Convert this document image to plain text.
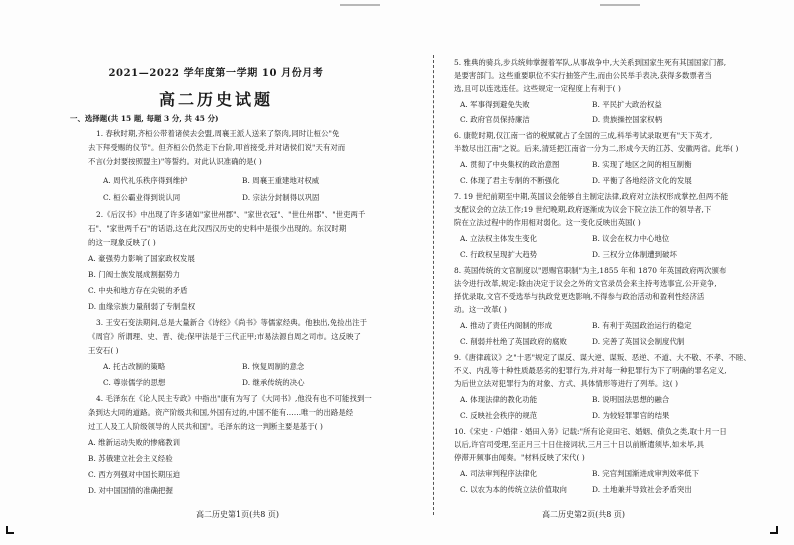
2021—2022 学年度第一学期 10 月份月考
高二历史试题
一、选择题(共 15 题, 每题 3 分, 共 45 分)
1. 春秋时期,齐桓公带着诸侯去会盟,周襄王派人送来了祭肉,同时让桓公"免
去下拜受赐的仪节"。但齐桓公仍然走下台阶,叩首接受,并对诸侯们说"天有对而
不言(分封要按照盟主)"等誓约。对此认识准确的是( )
A. 周代礼乐秩序得到维护	B. 周襄王重建地对权威
C. 桓公霸业得到说认同	D. 宗法分封制得以巩固
2.《后汉书》中出现了许多诸如"家世州郡"、"家世衣冠"、"世仕州郡"、"世吏两千
石"、"家世两千石"的话语,这在此汉西汉历史的史料中是很少出现的。东汉时期
的这一现象反映了( )
A. 豪强势力影响了国家政权发展
B. 门阀士族发展成割据势力
C. 中央和地方存在尖锐的矛盾
D. 血缘宗族力量削弱了专制皇权
3. 王安石变法期间,总是大量新合《诗经》《尚书》等儒家经典。他独出,免捡出注于
《周官》所谓理、史、晋、徒;保甲法是于三代正甲;市易法源自周之司市。这反映了
王安石( )
A. 托古改制的策略	B. 恢复周制的意念
C. 尊崇儒学的思想	D. 继承传统的决心
4. 毛泽东在《论人民主专政》中指出"康有为写了《大同书》,他没有也不可能找到一
条到达大同的道路。资产阶级共和国,外国有过的,中国不能有……唯一的出路是经
过工人及工人阶级领导的人民共和国"。毛泽东的这一判断主要是基于( )
A. 维新运动失败的惨痛教训
B. 苏俄建立社会主义经验
C. 西方列强对中国长期压迫
D. 对中国国情的准确把握
高二历史第1页(共8 页)
5. 雅典的骑兵,步兵统帅掌握着军队,从事战争中,大关系到国家生死有其国国家门都,
是要害部门。这些重要职位不实行抽签产生,而由公民举手表决,获得多数票者当
选,且可以连选连任。这些规定一定程度上有利于( )
A. 军事得到避免失败	B. 平民扩大政治权益
C. 政府官员保持廉洁	D. 贵族操控国家权柄
6. 康乾时期,仅江南一省的税赋就占了全国的三成,科举考试录取更有"天下英才,
半数尽出江南"之说。后来,清廷把江南省一分为二,形成今天的江苏、安徽两省。此举( )
A. 贯彻了中央集权的政治意图	B. 实现了地区之间的相互制衡
C. 体现了君主专制的不断强化	D. 平衡了各地经济文化的发展
7. 19 世纪前期至中期,英国议会能够自主制定法律,政府对立法权形成掌控,但两不能
支配议会的立法工作;19 世纪晚期,政府逐渐成为议会下院立法工作的领导者,下
院在立法过程中的作用相对弱化。这一变化反映出英国( )
A. 立法权主体发生变化	B. 议会在权力中心地位
C. 行政权呈现扩大趋势	D. 三权分立体制遭到破坏
8. 英国传统的文官制度以"恩赐官职制"为主,1855 年和 1870 年英国政府两次颁布
法令进行改革,规定:除由决定于议会之外的文官录员会来主持考选事宜,公开竞争,
择优录取,文官不受选举与执政党更迭影响,不得参与政治活动和盈利性经济活
动。这一改革( )
A. 推动了责任内阁制的形成	B. 有利于英国政治运行的稳定
C. 削弱并杜绝了英国政府的腐败	D. 完善了英国议会制度代制
9.《唐律疏议》之"十恶"规定了谋反、谋大逆、谋叛、恶逆、不道、大不敬、不孝、不睦、
不义、内乱等十种性质最恶劣的犯罪行为,并对每一种犯罪行为下了明确的罪名定义,
为后世立法对犯罪行为的对象、方式、具体情形等进行了列举。这( )
A. 体现法律的教化功能	B. 说明国法思想的融合
C. 反映社会秩序的规范	D. 为较轻罪罪官的结果
10.《宋史 · 户婚律 · 婚田入务》记载:"所有论竞田宅、婚姻、债负之类,取十月一日
以后,许官司受理,至正月三十日住接词状,三月三十日以前断遣须毕,如未毕,具
停滞开频事由闻奏。"材料反映了宋代( )
A. 司法审判程序法律化	B. 完官判国渐进成审判效率低下
C. 以农为本的传统立法价值取向	D. 土地兼并导致社会矛盾突出
高二历史第2页(共8 页)
